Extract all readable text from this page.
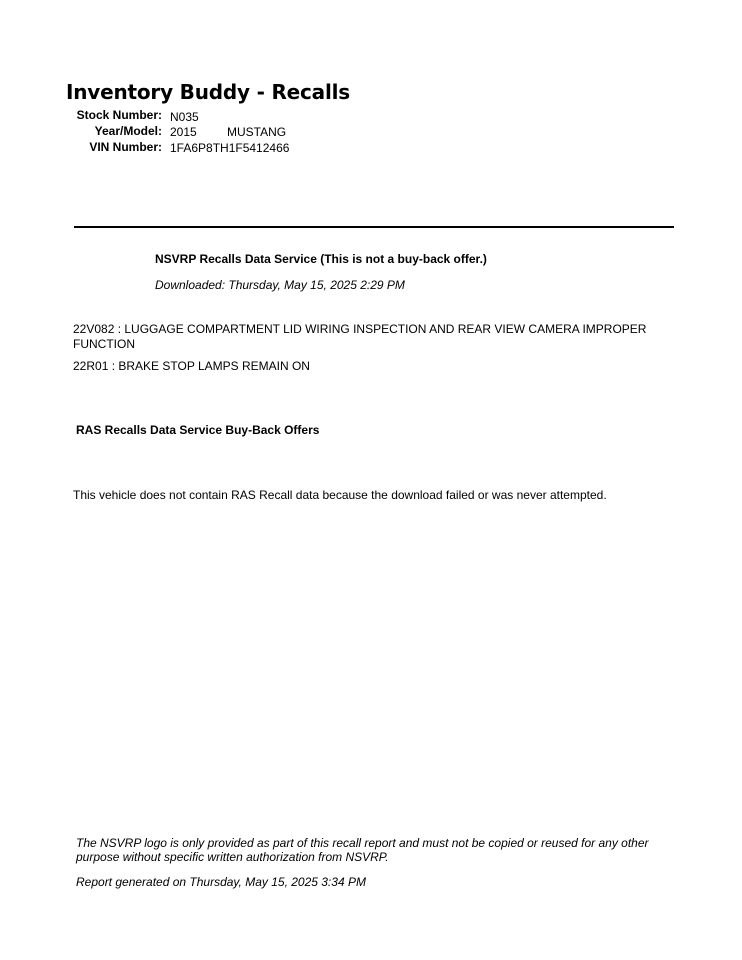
Inventory Buddy - Recalls
Stock Number: N035
Year/Model: 2015	MUSTANG
VIN Number: 1FA6P8TH1F5412466
NSVRP Recalls Data Service (This is not a buy-back offer.)
Downloaded: Thursday, May 15, 2025 2:29 PM
22V082 : LUGGAGE COMPARTMENT LID WIRING INSPECTION AND REAR VIEW CAMERA IMPROPER FUNCTION
22R01 : BRAKE STOP LAMPS REMAIN ON
RAS Recalls Data Service Buy-Back Offers
This vehicle does not contain RAS Recall data because the download failed or was never attempted.
The NSVRP logo is only provided as part of this recall report and must not be copied or reused for any other purpose without specific written authorization from NSVRP.
Report generated on Thursday, May 15, 2025 3:34 PM
